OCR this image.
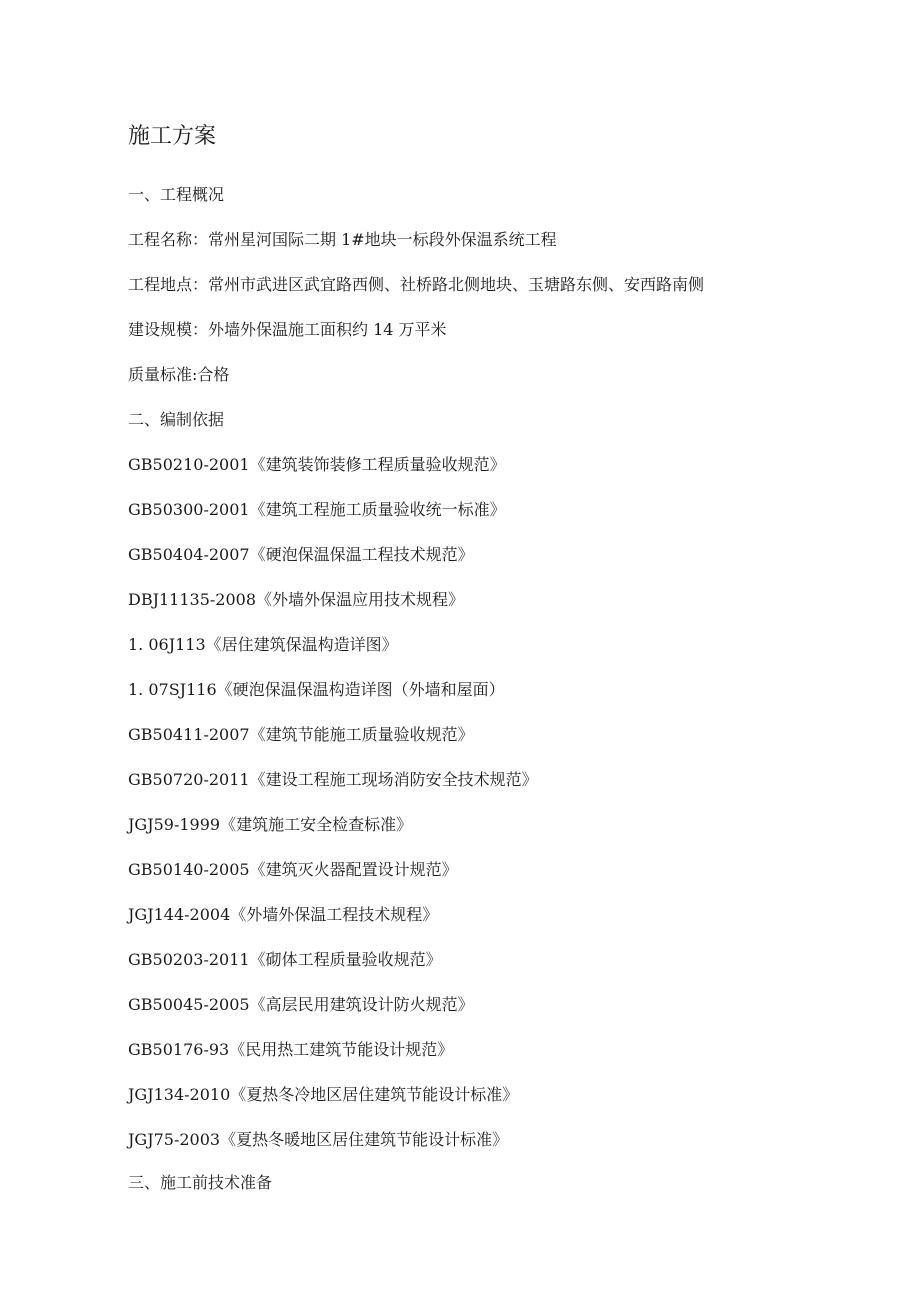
施工方案

一、工程概况

工程名称：常州星河国际二期 1#地块一标段外保温系统工程

工程地点：常州市武进区武宜路西侧、社桥路北侧地块、玉塘路东侧、安西路南侧

建设规模：外墙外保温施工面积约 14 万平米

质量标准:合格

二、编制依据

GB50210-2001《建筑装饰装修工程质量验收规范》

GB50300-2001《建筑工程施工质量验收统一标准》

GB50404-2007《硬泡保温保温工程技术规范》

DBJ11135-2008《外墙外保温应用技术规程》

1. 06J113《居住建筑保温构造详图》

1. 07SJ116《硬泡保温保温构造详图（外墙和屋面）

GB50411-2007《建筑节能施工质量验收规范》

GB50720-2011《建设工程施工现场消防安全技术规范》

JGJ59-1999《建筑施工安全检查标准》

GB50140-2005《建筑灭火器配置设计规范》

JGJ144-2004《外墙外保温工程技术规程》

GB50203-2011《砌体工程质量验收规范》

GB50045-2005《高层民用建筑设计防火规范》

GB50176-93《民用热工建筑节能设计规范》

JGJ134-2010《夏热冬冷地区居住建筑节能设计标准》

JGJ75-2003《夏热冬暖地区居住建筑节能设计标准》

三、施工前技术准备
